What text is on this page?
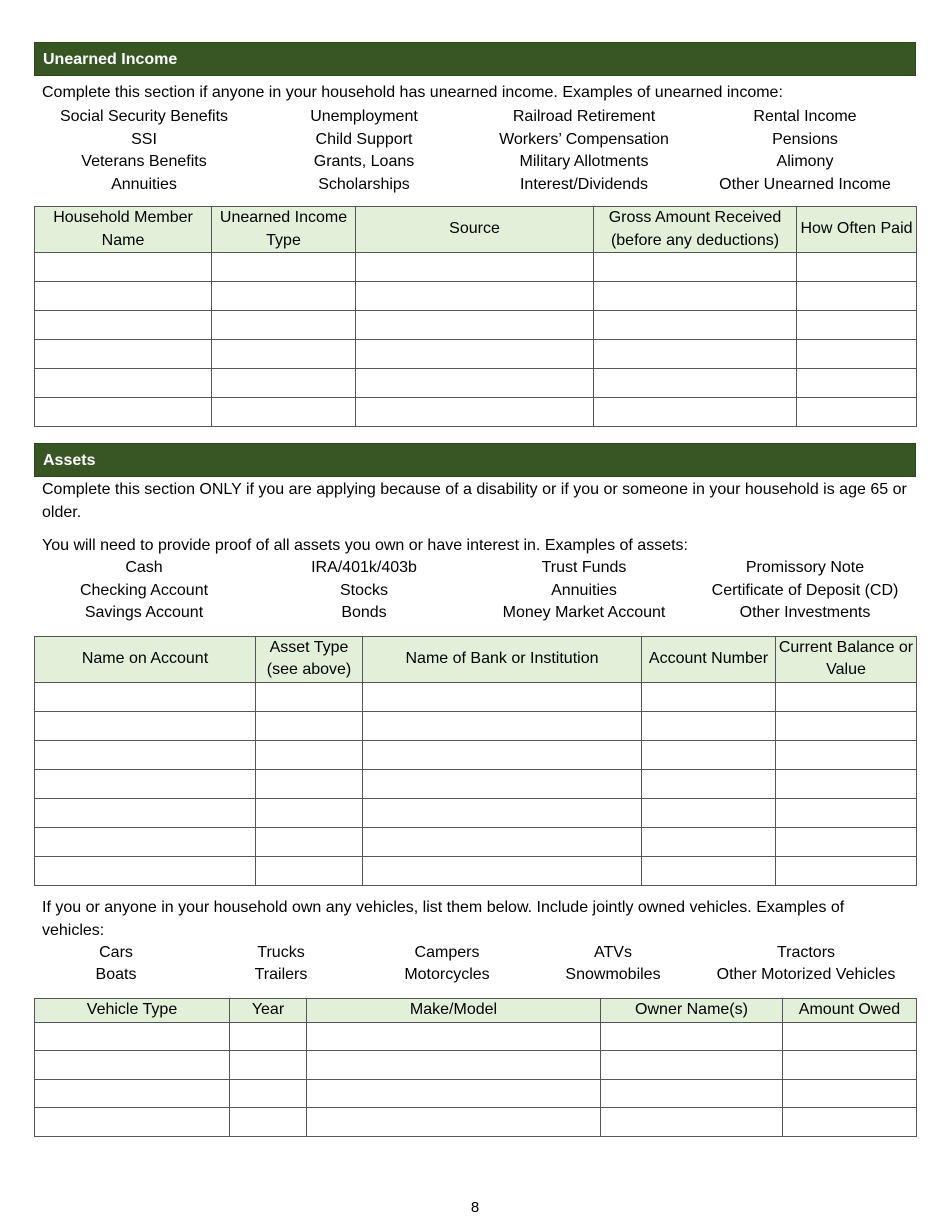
Unearned Income
Complete this section if anyone in your household has unearned income. Examples of unearned income:
Social Security Benefits	Unemployment	Railroad Retirement	Rental Income
SSI	Child Support	Workers’ Compensation	Pensions
Veterans Benefits	Grants, Loans	Military Allotments	Alimony
Annuities	Scholarships	Interest/Dividends	Other Unearned Income
Household Member Name	Unearned Income Type	Source	Gross Amount Received (before any deductions)	How Often Paid

Assets
Complete this section ONLY if you are applying because of a disability or if you or someone in your household is age 65 or older.
You will need to provide proof of all assets you own or have interest in. Examples of assets:
Cash	IRA/401k/403b	Trust Funds	Promissory Note
Checking Account	Stocks	Annuities	Certificate of Deposit (CD)
Savings Account	Bonds	Money Market Account	Other Investments
Name on Account	Asset Type (see above)	Name of Bank or Institution	Account Number	Current Balance or Value

If you or anyone in your household own any vehicles, list them below. Include jointly owned vehicles. Examples of vehicles:
Cars	Trucks	Campers	ATVs	Tractors
Boats	Trailers	Motorcycles	Snowmobiles	Other Motorized Vehicles
Vehicle Type	Year	Make/Model	Owner Name(s)	Amount Owed

8
